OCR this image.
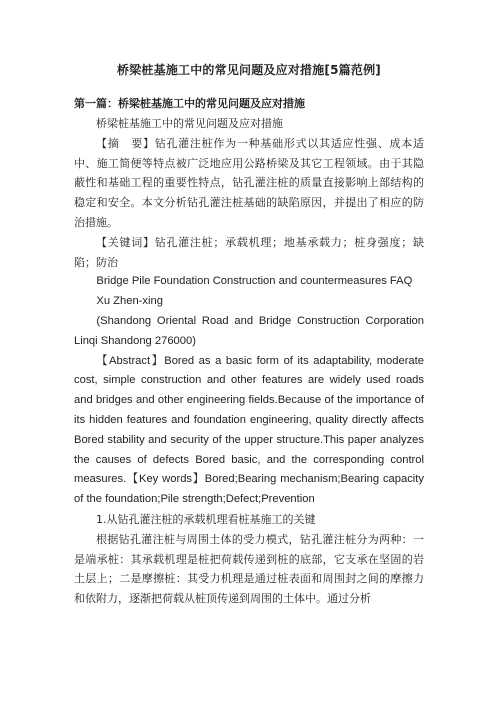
桥梁桩基施工中的常见问题及应对措施[5篇范例]
第一篇：桥梁桩基施工中的常见问题及应对措施

桥梁桩基施工中的常见问题及应对措施

【摘　要】钻孔灌注桩作为一种基础形式以其适应性强、成本适中、施工简便等特点被广泛地应用公路桥梁及其它工程领域。由于其隐蔽性和基础工程的重要性特点，钻孔灌注桩的质量直接影响上部结构的稳定和安全。本文分析钻孔灌注桩基础的缺陷原因，并提出了相应的防治措施。

【关键词】钻孔灌注桩；承载机理；地基承载力；桩身强度；缺陷；防治

Bridge Pile Foundation Construction and countermeasures FAQ

Xu Zhen-xing

(Shandong Oriental Road and Bridge Construction Corporation Linqi Shandong 276000)

【Abstract】Bored as a basic form of its adaptability, moderate cost, simple construction and other features are widely used roads and bridges and other engineering fields.Because of the importance of its hidden features and foundation engineering, quality directly affects Bored stability and security of the upper structure.This paper analyzes the causes of defects Bored basic, and the corresponding control measures.【Key words】Bored;Bearing mechanism;Bearing capacity of the foundation;Pile strength;Defect;Prevention

1.从钻孔灌注桩的承载机理看桩基施工的关键

根据钻孔灌注桩与周围土体的受力模式，钻孔灌注桩分为两种：一是端承桩：其承载机理是桩把荷载传递到桩的底部，它支承在坚固的岩土层上；二是摩擦桩：其受力机理是通过桩表面和周围封之间的摩擦力和依附力，逐渐把荷载从桩顶传递到周围的土体中。通过分析
